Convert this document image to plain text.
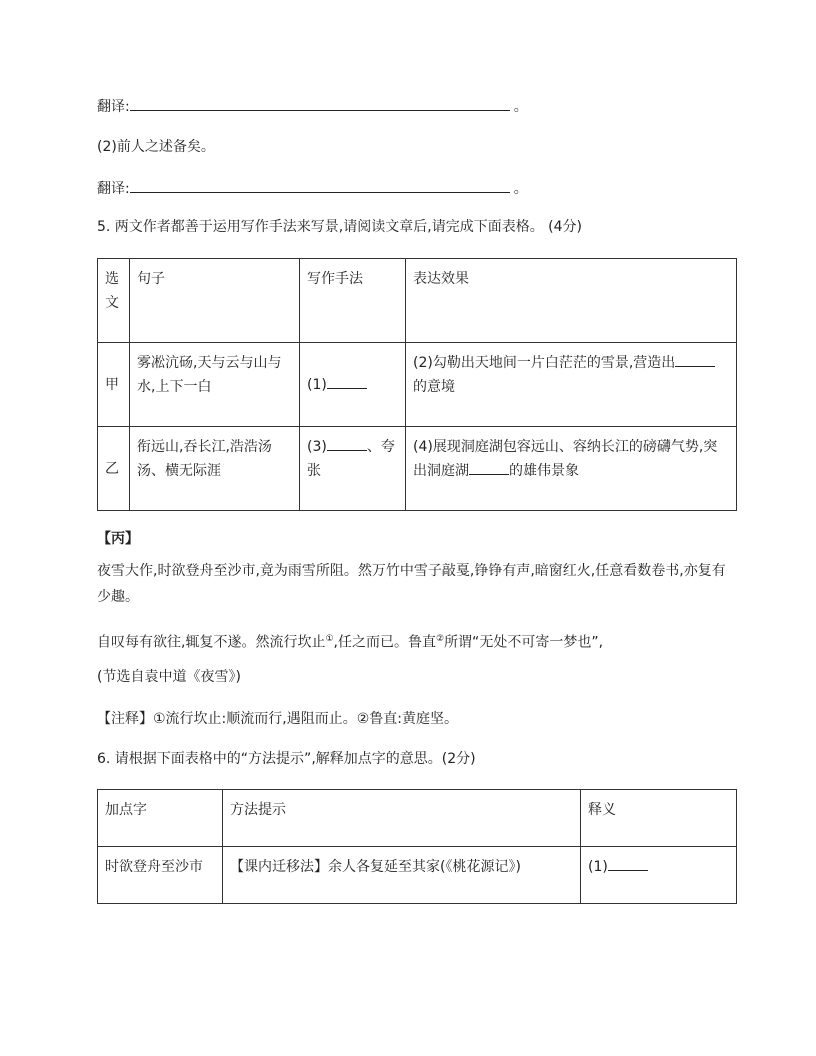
翻译:	。
(2)前人之述备矣。
翻译:	。
5. 两文作者都善于运用写作手法来写景,请阅读文章后,请完成下面表格。 (4分)
选文	句子	写作手法	表达效果
甲	雾凇沆砀,天与云与山与水,上下一白	(1)	(2)勾勒出天地间一片白茫茫的雪景,营造出的意境
乙	衔远山,吞长江,浩浩汤汤、横无际涯	(3) 、夸张	(4)展现洞庭湖包容远山、容纳长江的磅礴气势,突出洞庭湖 的雄伟景象
【丙】
夜雪大作,时欲登舟至沙市,竟为雨雪所阻。然万竹中雪子敲戛,铮铮有声,暗窗红火,任意看数卷书,亦复有少趣。
自叹每有欲往,辄复不遂。然流行坎止①,任之而已。鲁直②所谓“无处不可寄一梦也”,
(节选自袁中道《夜雪》)
【注释】①流行坎止:顺流而行,遇阻而止。②鲁直:黄庭坚。
6. 请根据下面表格中的“方法提示”,解释加点字的意思。(2分)
加点字	方法提示	释义
时欲登舟至沙市	【课内迁移法】余人各复延至其家(《桃花源记》)	(1)
